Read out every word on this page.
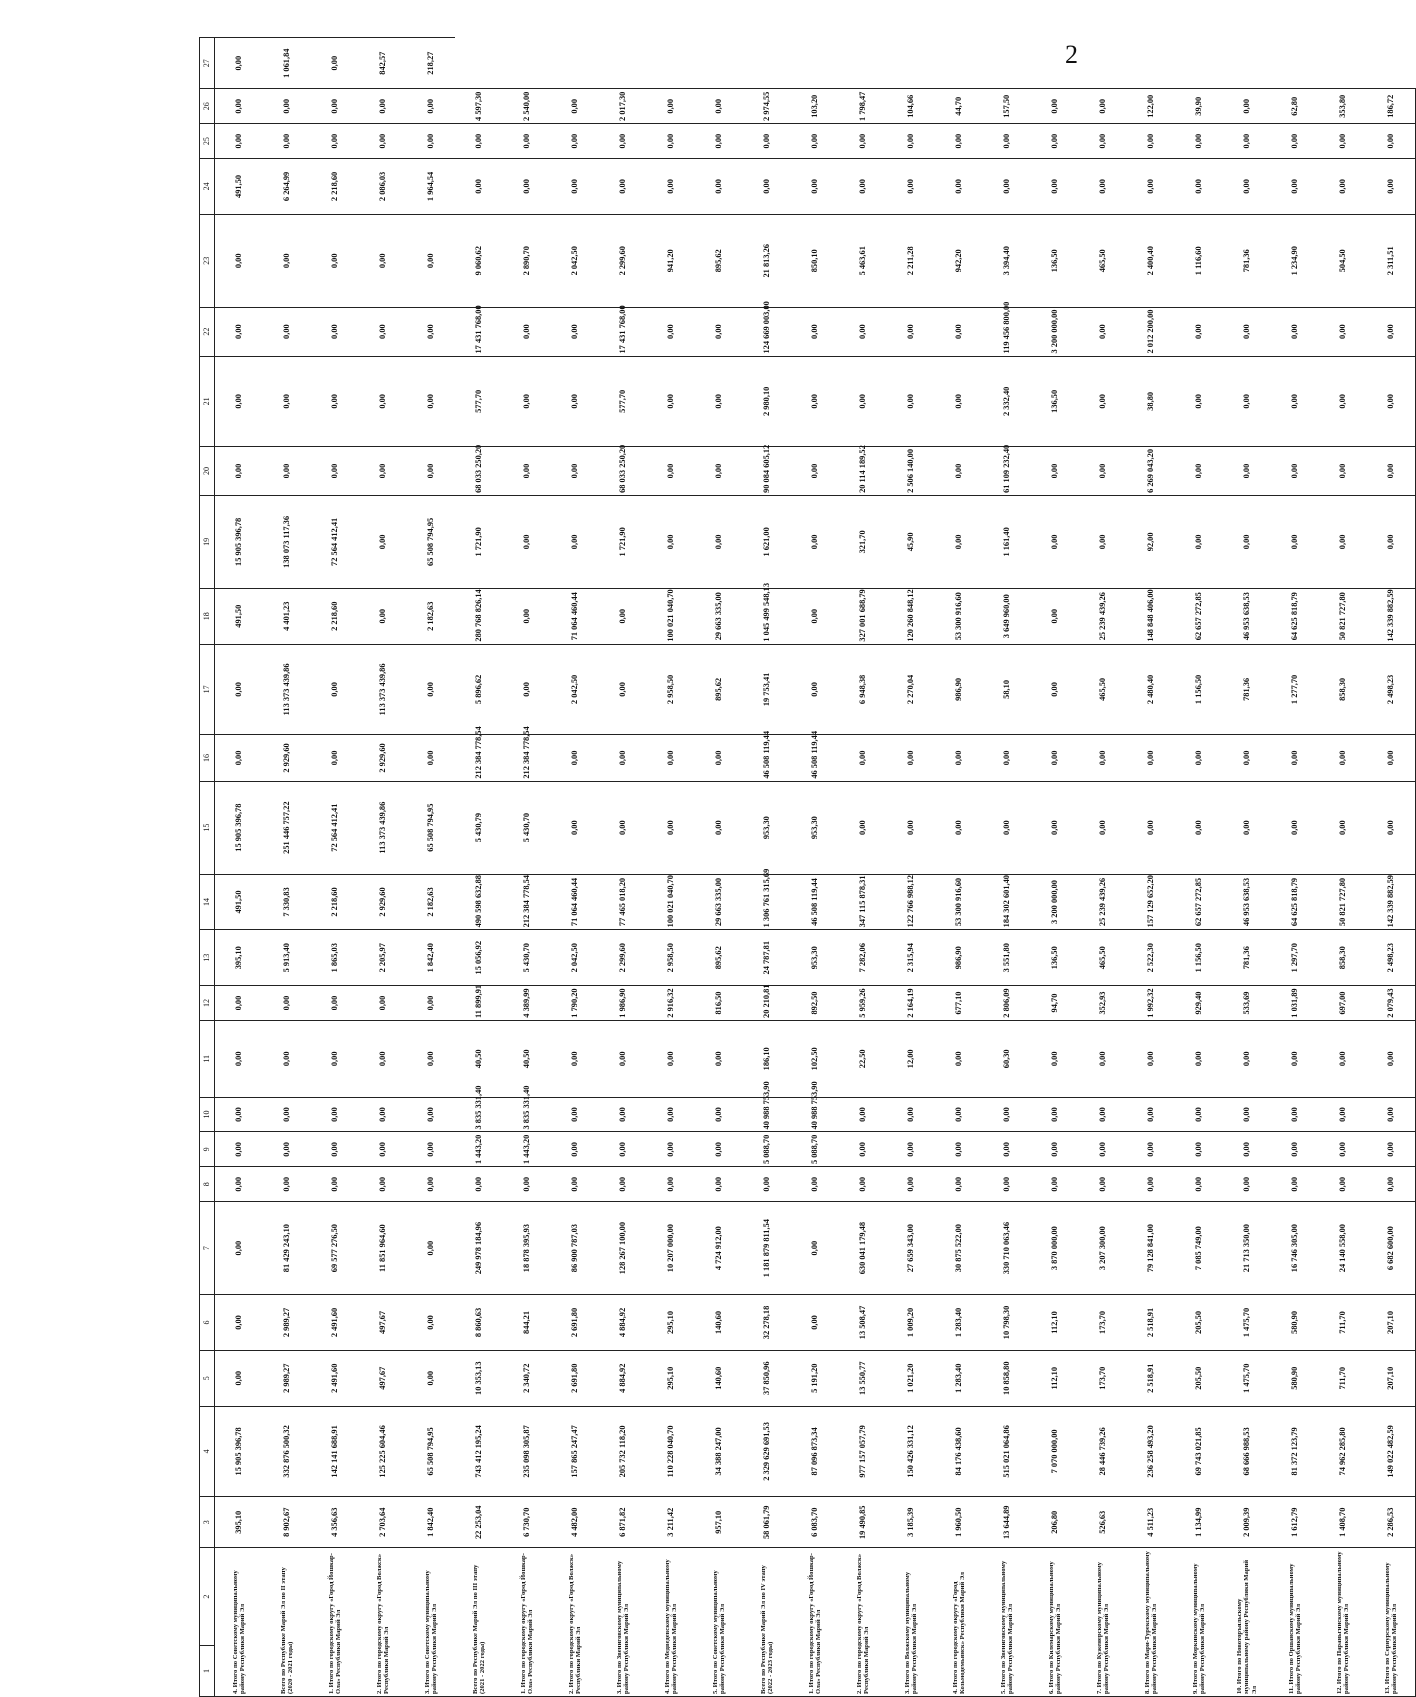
2
1	2	3	4	5	6	7	8	9	10	11	12	13	14	15	16	17	18	19	20	21	22	23	24	25	26	27
4. Итого по Советскому муниципальному району Республики Марий Эл		395,10	15 905 396,78	0,00	0,00	0,00	0,00	0,00	0,00	0,00	0,00	395,10	491,50	15 905 396,78	0,00	0,00	491,50	15 905 396,78	0,00	0,00	0,00	0,00	491,50	0,00	0,00	0,00
Всего по Республике Марий Эл по II этапу (2020 - 2021 годы)		8 902,67	332 876 500,32	2 989,27	2 989,27	81 429 243,10	0,00	0,00	0,00	0,00	0,00	5 913,40	7 330,83	251 446 757,22	2 929,60	113 373 439,86	4 401,23	138 073 117,36	0,00	0,00	0,00	0,00	6 264,99	0,00	0,00	1 061,84
1. Итого по городскому округу «Город Йошкар-Ола» Республики Марий Эл		4 356,63	142 141 688,91	2 491,60	2 491,60	69 577 276,50	0,00	0,00	0,00	0,00	0,00	1 865,03	2 218,60	72 564 412,41	0,00	0,00	2 218,60	72 564 412,41	0,00	0,00	0,00	0,00	2 218,60	0,00	0,00	0,00
2. Итого по городскому округу «Город Волжск» Республики Марий Эл		2 703,64	125 225 604,46	497,67	497,67	11 851 964,60	0,00	0,00	0,00	0,00	0,00	2 205,97	2 929,60	113 373 439,86	2 929,60	113 373 439,86	0,00	0,00	0,00	0,00	0,00	0,00	2 086,03	0,00	0,00	842,57
3. Итого по Советскому муниципальному району Республики Марий Эл		1 842,40	65 508 794,95	0,00	0,00	0,00	0,00	0,00	0,00	0,00	0,00	1 842,40	2 182,63	65 508 794,95	0,00	0,00	2 182,63	65 508 794,95	0,00	0,00	0,00	0,00	1 964,54	0,00	0,00	218,27
Всего по Республике Марий Эл по III этапу (2021 - 2022 годы)		22 253,04	743 412 195,24	10 353,13	8 860,63	249 978 184,96	0,00	1 443,20	3 835 331,40	40,50	11 899,91	15 056,92	490 598 632,88	5 430,79	212 384 778,54	5 896,62	280 768 826,14	1 721,90	68 033 250,20	577,70	17 431 768,00	9 060,62	0,00	0,00	4 597,30	
1. Итого по городскому округу «Город Йошкар-Ола» Республики Марий Эл		6 730,70	235 098 305,87	2 340,72	844,21	18 878 395,93	0,00	1 443,20	3 835 331,40	40,50	4 389,99	5 430,70	212 384 778,54	5 430,70	212 384 778,54	0,00	0,00	0,00	0,00	0,00	0,00	2 890,70	0,00	0,00	2 540,00	
2. Итого по городскому округу «Город Волжск» Республики Марий Эл		4 482,00	157 865 247,47	2 691,80	2 691,80	86 900 787,03	0,00	0,00	0,00	0,00	1 790,20	2 042,50	71 064 460,44	0,00	0,00	2 042,50	71 064 460,44	0,00	0,00	0,00	0,00	2 042,50	0,00	0,00	0,00	
3. Итого по Звениговскому муниципальному району Республики Марий Эл		6 871,82	205 732 118,20	4 884,92	4 884,92	128 267 100,00	0,00	0,00	0,00	0,00	1 986,90	2 299,60	77 465 018,20	0,00	0,00	0,00	0,00	1 721,90	68 033 250,20	577,70	17 431 768,00	2 299,60	0,00	0,00	2 017,30	
4. Итого по Медведевскому муниципальному району Республики Марий Эл		3 211,42	110 228 040,70	295,10	295,10	10 207 000,00	0,00	0,00	0,00	0,00	2 916,32	2 958,50	100 021 040,70	0,00	0,00	2 958,50	100 021 040,70	0,00	0,00	0,00	0,00	941,20	0,00	0,00	0,00	
5. Итого по Советскому муниципальному району Республики Марий Эл		957,10	34 388 247,00	140,60	140,60	4 724 912,00	0,00	0,00	0,00	0,00	816,50	895,62	29 663 335,00	0,00	0,00	895,62	29 663 335,00	0,00	0,00	0,00	0,00	895,62	0,00	0,00	0,00	
Всего по Республике Марий Эл по IV этапу (2022 - 2023 годы)		58 061,79	2 329 629 691,53	37 850,96	32 278,18	1 181 879 811,54	0,00	5 088,70	40 988 753,90	186,10	20 210,81	24 787,81	1 306 761 315,69	953,30	46 508 119,44	19 753,41	1 045 499 548,13	1 621,00	90 084 605,12	2 980,10	124 669 003,00	21 813,26	0,00	0,00	2 974,55	
1. Итого по городскому округу «Город Йошкар-Ола» Республики Марий Эл		6 083,70	87 096 873,34	5 191,20	0,00	0,00	0,00	5 088,70	40 988 753,90	102,50	892,50	953,30	46 508 119,44	953,30	46 508 119,44	0,00	0,00	0,00	0,00	0,00	0,00	850,10	0,00	0,00	103,20	
2. Итого по городскому округу «Город Волжск» Республики Марий Эл		19 490,85	977 157 057,79	13 550,77	13 508,47	630 041 179,48	0,00	0,00	0,00	22,50	5 959,26	7 282,06	347 115 878,31	0,00	0,00	6 948,38	327 001 688,79	321,70	20 114 189,52	0,00	0,00	5 463,61	0,00	0,00	1 798,47	
3. Итого по Волжскому муниципальному району Республики Марий Эл		3 185,39	150 426 331,12	1 021,20	1 009,20	27 659 343,00	0,00	0,00	0,00	12,00	2 164,19	2 315,94	122 766 988,12	0,00	0,00	2 270,04	120 260 848,12	45,90	2 506 140,00	0,00	0,00	2 211,28	0,00	0,00	104,66	
4. Итого по городскому округу «Город Козьмодемьянск» Республики Марий Эл		1 960,50	84 176 438,60	1 283,40	1 283,40	30 875 522,00	0,00	0,00	0,00	0,00	677,10	986,90	53 300 916,60	0,00	0,00	986,90	53 300 916,60	0,00	0,00	0,00	0,00	942,20	0,00	0,00	44,70	
5. Итого по Звениговскому муниципальному району Республики Марий Эл		13 644,89	515 021 064,86	10 858,80	10 798,30	330 710 063,46	0,00	0,00	0,00	60,30	2 806,09	3 551,80	184 302 601,40	0,00	0,00	58,10	3 649 960,00	1 161,40	61 109 232,40	2 332,40	119 456 800,00	3 394,40	0,00	0,00	157,50	
6. Итого по Килемарскому муниципальному району Республики Марий Эл		206,80	7 070 000,00	112,10	112,10	3 870 000,00	0,00	0,00	0,00	0,00	94,70	136,50	3 200 000,00	0,00	0,00	0,00	0,00	0,00	0,00	136,50	3 200 000,00	136,50	0,00	0,00	0,00	
7. Итого по Куженерскому муниципальному району Республики Марий Эл		526,63	28 446 739,26	173,70	173,70	3 207 300,00	0,00	0,00	0,00	0,00	352,93	465,50	25 239 439,26	0,00	0,00	465,50	25 239 439,26	0,00	0,00	0,00	0,00	465,50	0,00	0,00	0,00	
8. Итого по Мари-Турекскому муниципальному району Республики Марий Эл		4 511,23	236 258 493,20	2 518,91	2 518,91	79 128 841,00	0,00	0,00	0,00	0,00	1 992,32	2 522,30	157 129 652,20	0,00	0,00	2 480,40	148 848 406,00	92,00	6 269 043,20	38,80	2 012 200,00	2 400,40	0,00	0,00	122,00	
9. Итого по Моркинскому муниципальному району Республики Марий Эл		1 134,99	69 743 021,85	205,50	205,50	7 085 749,00	0,00	0,00	0,00	0,00	929,40	1 156,50	62 657 272,85	0,00	0,00	1 156,50	62 657 272,85	0,00	0,00	0,00	0,00	1 116,60	0,00	0,00	39,90	
10. Итого по Новоторъяльскому муниципальному району Республики Марий Эл		2 009,39	68 666 988,53	1 475,70	1 475,70	21 713 350,00	0,00	0,00	0,00	0,00	533,69	781,36	46 953 638,53	0,00	0,00	781,36	46 953 638,53	0,00	0,00	0,00	0,00	781,36	0,00	0,00	0,00	
11. Итого по Оршанскому муниципальному району Республики Марий Эл		1 612,79	81 372 123,79	580,90	580,90	16 746 305,00	0,00	0,00	0,00	0,00	1 031,89	1 297,70	64 625 818,79	0,00	0,00	1 277,70	64 625 818,79	0,00	0,00	0,00	0,00	1 234,90	0,00	0,00	62,80	
12. Итого по Параньгинскому муниципальному району Республики Марий Эл		1 408,70	74 962 285,80	711,70	711,70	24 140 558,00	0,00	0,00	0,00	0,00	697,00	858,30	50 821 727,80	0,00	0,00	858,30	50 821 727,80	0,00	0,00	0,00	0,00	504,50	0,00	0,00	353,80	
13. Итого по Сернурскому муниципальному району Республики Марий Эл		2 286,53	149 022 482,59	207,10	207,10	6 682 600,00	0,00	0,00	0,00	0,00	2 079,43	2 498,23	142 339 882,59	0,00	0,00	2 498,23	142 339 882,59	0,00	0,00	0,00	0,00	2 311,51	0,00	0,00	186,72	
